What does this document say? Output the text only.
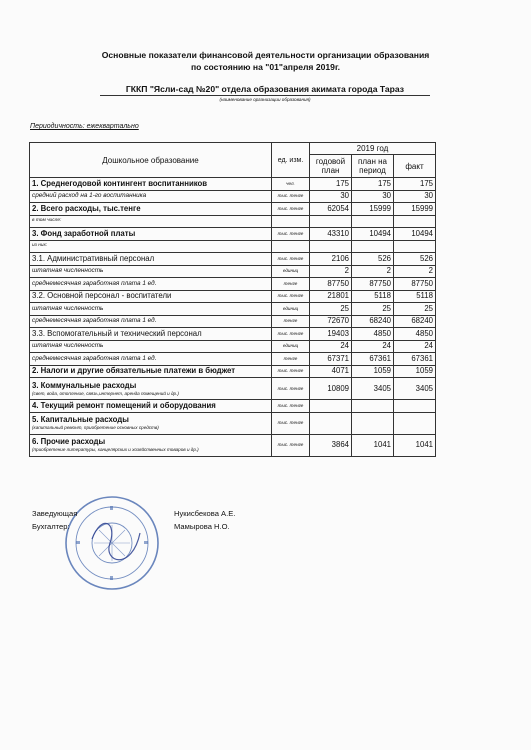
Основные показатели финансовой деятельности организации образования
по состоянию на "01"апреля 2019г.
ГККП "Ясли-сад №20" отдела образования акимата города Тараз
(наименование организации образования)
Периодичность: ежеквартально
Дошкольное образование	ед. изм.	2019 год		
		годовой план	план на период	факт
1. Среднегодовой контингент воспитанников	чел.	175	175	175
средний расход на 1-го воспитанника	тыс. тенге	30	30	30
2. Всего расходы, тыс.тенге	тыс. тенге	62054	15999	15999
в том числе:				
3. Фонд заработной платы	тыс. тенге	43310	10494	10494
из них:				
3.1. Административный персонал	тыс. тенге	2106	526	526
штатная численность	единиц	2	2	2
среднемесячная заработная плата 1 ед.	тенге	87750	87750	87750
3.2. Основной персонал - воспитатели	тыс. тенге	21801	5118	5118
штатная численность	единиц	25	25	25
среднемесячная заработная плата 1 ед.	тенге	72670	68240	68240
3.3. Вспомогательный и технический персонал	тыс. тенге	19403	4850	4850
штатная численность	единиц	24	24	24
среднемесячная заработная плата 1 ед.	тенге	67371	67361	67361
2. Налоги и другие обязательные платежи в бюджет	тыс. тенге	4071	1059	1059
3. Коммунальные расходы
(свет, вода, отопление, связь,интернет, аренда помещений и др.)	тыс. тенге	10809	3405	3405
4. Текущий ремонт помещений и оборудования	тыс. тенге			
5. Капитальные расходы
(капитальный ремонт, приобретение основных средств)	тыс. тенге			
6. Прочие расходы
(приобретение литературы, канцелярских и хозяйственных товаров и др.)	тыс. тенге	3864	1041	1041
Заведующая	Нукисбекова А.Е.
Бухгалтер:	Мамырова Н.О.
